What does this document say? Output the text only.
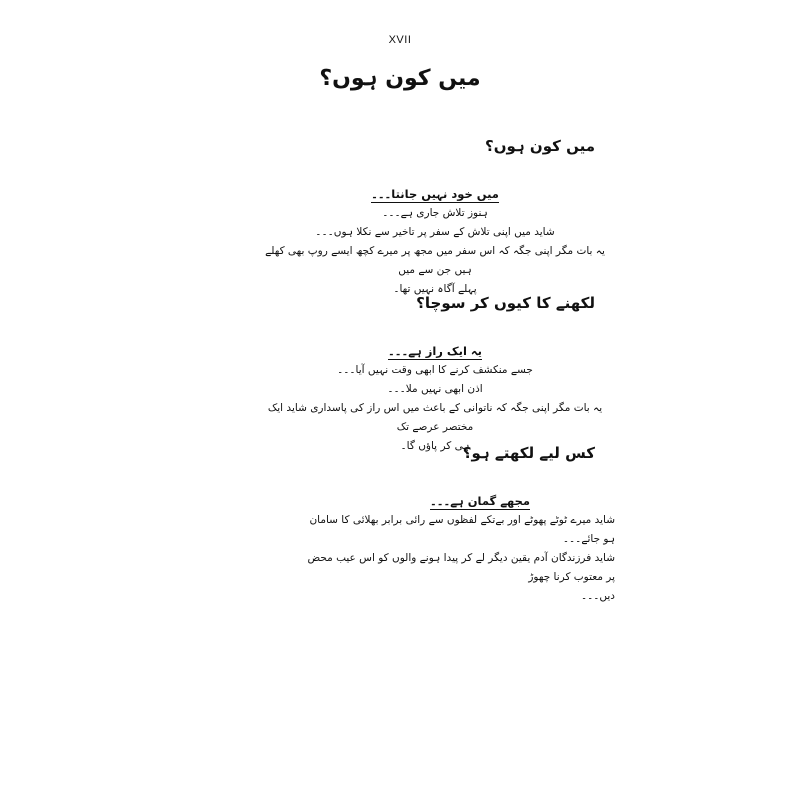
XVII
میں کون ہوں؟
میں کون ہوں؟
میں خود نہیں جانتا۔۔۔
ہنوز تلاش جاری ہے۔۔۔
شاید میں اپنی تلاش کے سفر پر تاخیر سے نکلا ہوں۔۔۔
یہ بات مگر اپنی جگہ کہ اس سفر میں مجھ پر میرے کچھ ایسے روپ بھی کھلے ہیں جن سے میں
پہلے آگاہ نہیں تھا۔
لکھنے کا کیوں کر سوچا؟
یہ ایک راز ہے۔۔۔
جسے منکشف کرنے کا ابھی وقت نہیں آیا۔۔۔
اذن ابھی نہیں ملا۔۔۔
یہ بات مگر اپنی جگہ کہ ناتوانی کے باعث میں اس راز کی پاسداری شاید ایک مختصر عرصے تک
ہی کر پاؤں گا۔
کس لیے لکھتے ہو؟
مجھے گمان ہے۔۔۔
شاید میرے ٹوٹے پھوٹے اور بےتکے لفظوں سے رائی برابر بھلائی کا سامان ہو جائے۔۔۔
شاید فرزندگان آدم یقین دیگر لے کر پیدا ہونے والوں کو اس عیب محض پر معتوب کرنا چھوڑ
دیں۔۔۔
